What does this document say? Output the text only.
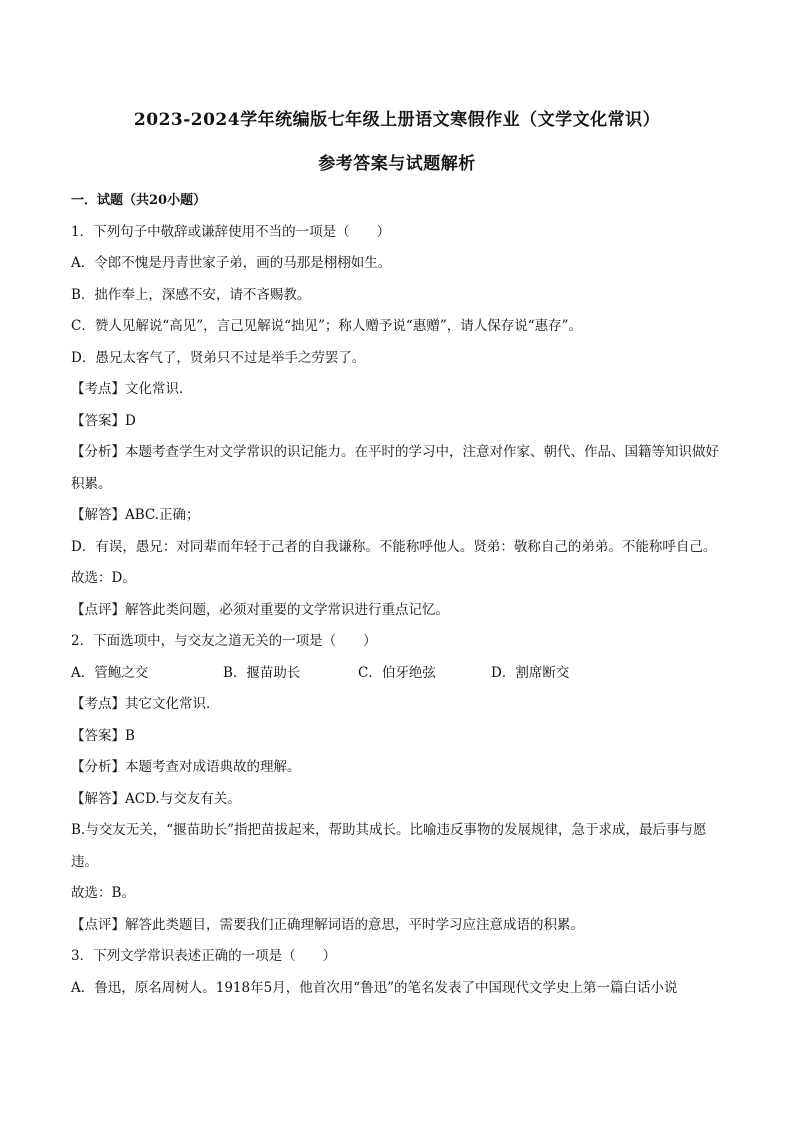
2023-2024学年统编版七年级上册语文寒假作业（文学文化常识）
参考答案与试题解析
一．试题（共20小题）
1．下列句子中敬辞或谦辞使用不当的一项是（　　）
A．令郎不愧是丹青世家子弟，画的马那是栩栩如生。
B．拙作奉上，深感不安，请不吝赐教。
C．赞人见解说“高见”，言己见解说“拙见”；称人赠予说“惠赠”，请人保存说“惠存”。
D．愚兄太客气了，贤弟只不过是举手之劳罢了。
【考点】文化常识．
【答案】D
【分析】本题考查学生对文学常识的识记能力。在平时的学习中，注意对作家、朝代、作品、国籍等知识做好积累。
【解答】ABC.正确；
D．有误，愚兄：对同辈而年轻于己者的自我谦称。不能称呼他人。贤弟：敬称自己的弟弟。不能称呼自己。
故选：D。
【点评】解答此类问题，必须对重要的文学常识进行重点记忆。
2．下面选项中，与交友之道无关的一项是（　　）
A．管鲍之交	B．揠苗助长	C．伯牙绝弦	D．割席断交
【考点】其它文化常识．
【答案】B
【分析】本题考查对成语典故的理解。
【解答】ACD.与交友有关。
B.与交友无关，“揠苗助长”指把苗拔起来，帮助其成长。比喻违反事物的发展规律，急于求成，最后事与愿违。
故选：B。
【点评】解答此类题目，需要我们正确理解词语的意思，平时学习应注意成语的积累。
3．下列文学常识表述正确的一项是（　　）
A．鲁迅，原名周树人。1918年5月，他首次用“鲁迅”的笔名发表了中国现代文学史上第一篇白话小说
